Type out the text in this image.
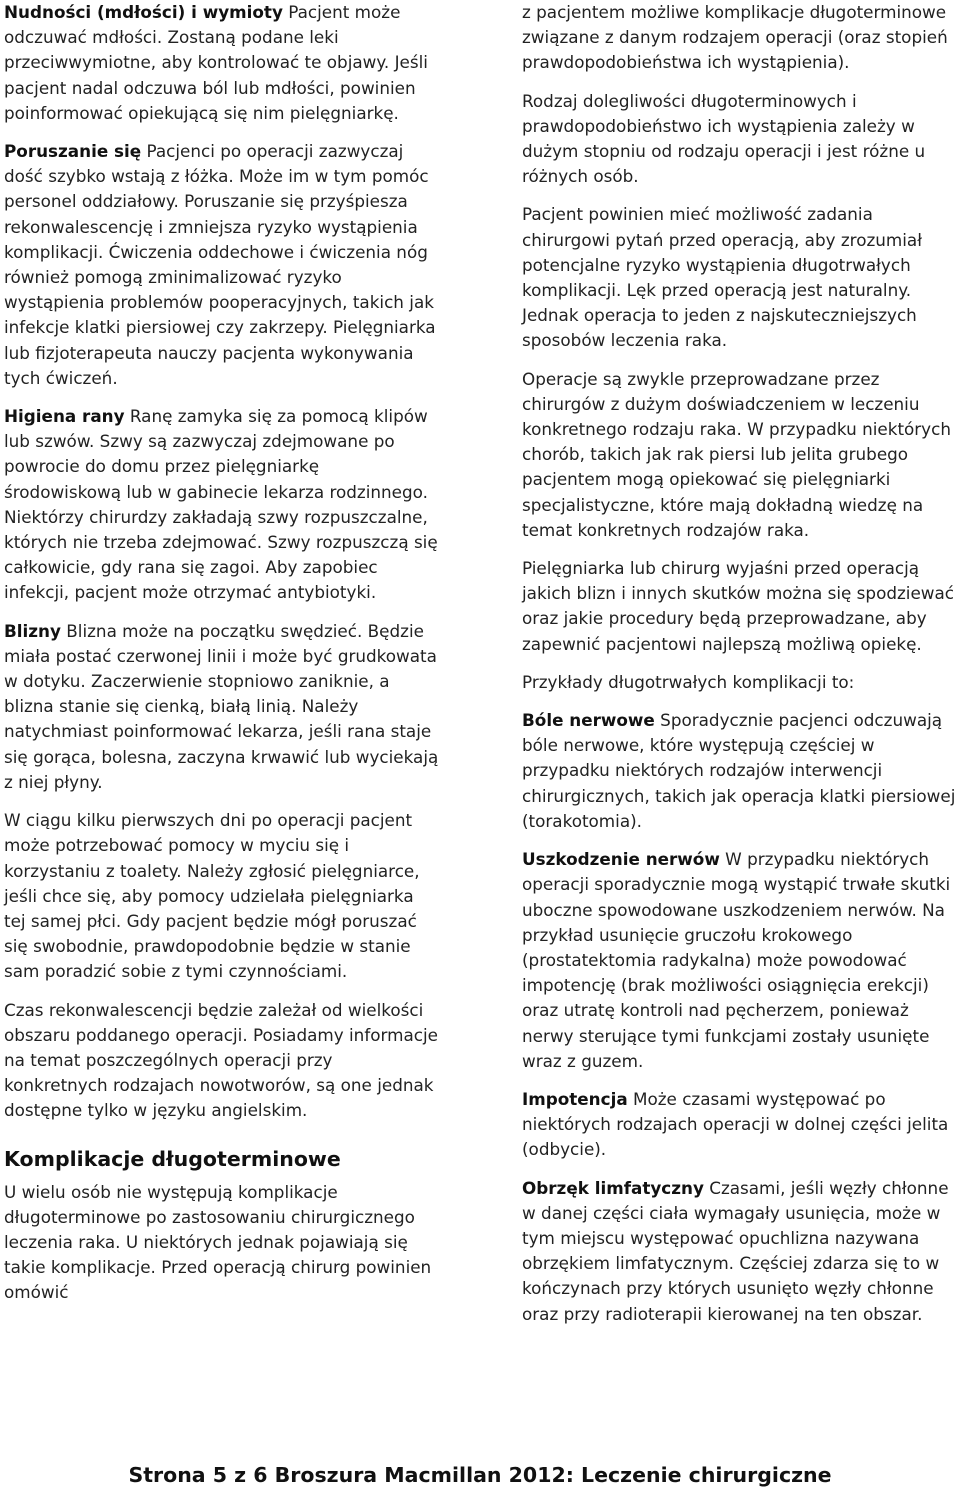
Nudności (mdłości) i wymioty Pacjent może odczuwać mdłości. Zostaną podane leki przeciwwymiotne, aby kontrolować te objawy. Jeśli pacjent nadal odczuwa ból lub mdłości, powinien poinformować opiekującą się nim pielęgniarkę.

Poruszanie się Pacjenci po operacji zazwyczaj dość szybko wstają z łóżka. Może im w tym pomóc personel oddziałowy. Poruszanie się przyśpiesza rekonwalescencję i zmniejsza ryzyko wystąpienia komplikacji. Ćwiczenia oddechowe i ćwiczenia nóg również pomogą zminimalizować ryzyko wystąpienia problemów pooperacyjnych, takich jak infekcje klatki piersiowej czy zakrzepy. Pielęgniarka lub fizjoterapeuta nauczy pacjenta wykonywania tych ćwiczeń.

Higiena rany Ranę zamyka się za pomocą klipów lub szwów. Szwy są zazwyczaj zdejmowane po powrocie do domu przez pielęgniarkę środowiskową lub w gabinecie lekarza rodzinnego. Niektórzy chirurdzy zakładają szwy rozpuszczalne, których nie trzeba zdejmować. Szwy rozpuszczą się całkowicie, gdy rana się zagoi. Aby zapobiec infekcji, pacjent może otrzymać antybiotyki.

Blizny Blizna może na początku swędzieć. Będzie miała postać czerwonej linii i może być grudkowata w dotyku. Zaczerwienie stopniowo zaniknie, a blizna stanie się cienką, białą linią. Należy natychmiast poinformować lekarza, jeśli rana staje się gorąca, bolesna, zaczyna krwawić lub wyciekają z niej płyny.

W ciągu kilku pierwszych dni po operacji pacjent może potrzebować pomocy w myciu się i korzystaniu z toalety. Należy zgłosić pielęgniarce, jeśli chce się, aby pomocy udzielała pielęgniarka tej samej płci. Gdy pacjent będzie mógł poruszać się swobodnie, prawdopodobnie będzie w stanie sam poradzić sobie z tymi czynnościami.

Czas rekonwalescencji będzie zależał od wielkości obszaru poddanego operacji. Posiadamy informacje na temat poszczególnych operacji przy konkretnych rodzajach nowotworów, są one jednak dostępne tylko w języku angielskim.

Komplikacje długoterminowe

U wielu osób nie występują komplikacje długoterminowe po zastosowaniu chirurgicznego leczenia raka. U niektórych jednak pojawiają się takie komplikacje. Przed operacją chirurg powinien omówić

z pacjentem możliwe komplikacje długoterminowe związane z danym rodzajem operacji (oraz stopień prawdopodobieństwa ich wystąpienia).

Rodzaj dolegliwości długoterminowych i prawdopodobieństwo ich wystąpienia zależy w dużym stopniu od rodzaju operacji i jest różne u różnych osób.

Pacjent powinien mieć możliwość zadania chirurgowi pytań przed operacją, aby zrozumiał potencjalne ryzyko wystąpienia długotrwałych komplikacji. Lęk przed operacją jest naturalny. Jednak operacja to jeden z najskuteczniejszych sposobów leczenia raka.

Operacje są zwykle przeprowadzane przez chirurgów z dużym doświadczeniem w leczeniu konkretnego rodzaju raka. W przypadku niektórych chorób, takich jak rak piersi lub jelita grubego pacjentem mogą opiekować się pielęgniarki specjalistyczne, które mają dokładną wiedzę na temat konkretnych rodzajów raka.

Pielęgniarka lub chirurg wyjaśni przed operacją jakich blizn i innych skutków można się spodziewać oraz jakie procedury będą przeprowadzane, aby zapewnić pacjentowi najlepszą możliwą opiekę.

Przykłady długotrwałych komplikacji to:

Bóle nerwowe Sporadycznie pacjenci odczuwają bóle nerwowe, które występują częściej w przypadku niektórych rodzajów interwencji chirurgicznych, takich jak operacja klatki piersiowej (torakotomia).

Uszkodzenie nerwów W przypadku niektórych operacji sporadycznie mogą wystąpić trwałe skutki uboczne spowodowane uszkodzeniem nerwów. Na przykład usunięcie gruczołu krokowego (prostatektomia radykalna) może powodować impotencję (brak możliwości osiągnięcia erekcji) oraz utratę kontroli nad pęcherzem, ponieważ nerwy sterujące tymi funkcjami zostały usunięte wraz z guzem.

Impotencja Może czasami występować po niektórych rodzajach operacji w dolnej części jelita (odbycie).

Obrzęk limfatyczny Czasami, jeśli węzły chłonne w danej części ciała wymagały usunięcia, może w tym miejscu występować opuchlizna nazywana obrzękiem limfatycznym. Częściej zdarza się to w kończynach przy których usunięto węzły chłonne oraz przy radioterapii kierowanej na ten obszar.

Strona 5 z 6 Broszura Macmillan 2012: Leczenie chirurgiczne
